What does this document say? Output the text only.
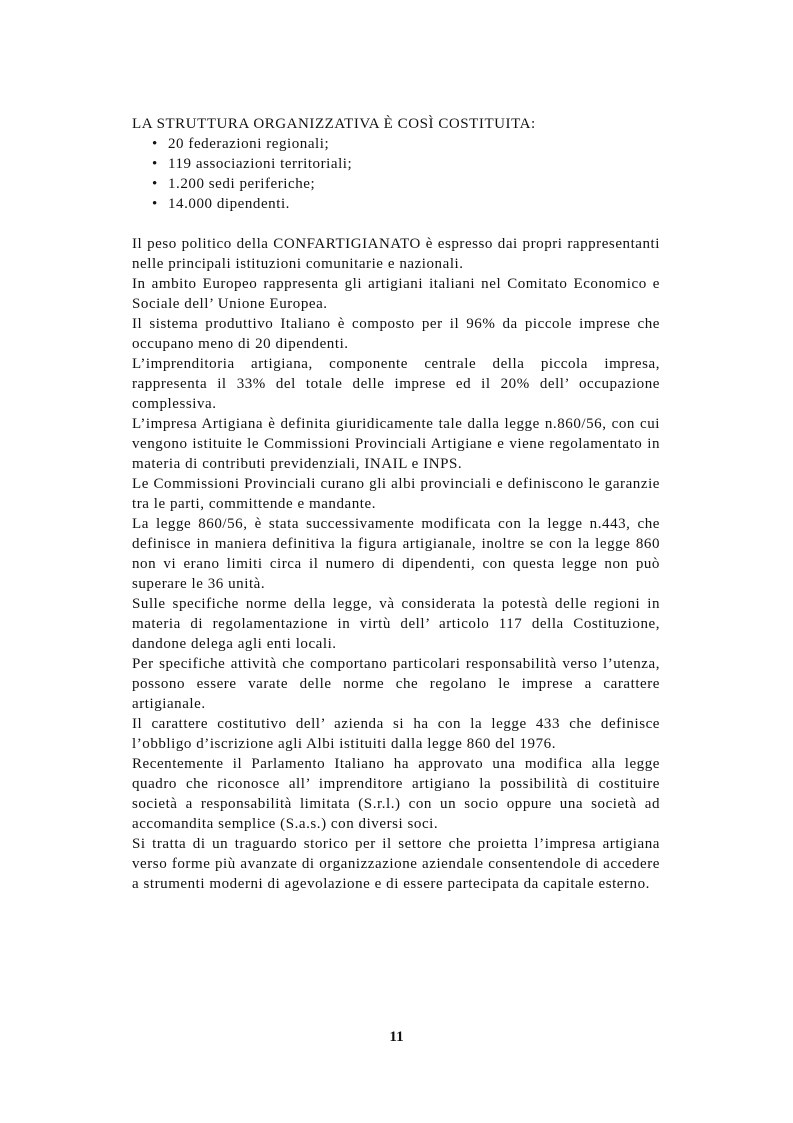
LA STRUTTURA ORGANIZZATIVA È COSÌ COSTITUITA:

• 20 federazioni regionali;
• 119 associazioni territoriali;
• 1.200 sedi periferiche;
• 14.000 dipendenti.

Il peso politico della CONFARTIGIANATO è espresso dai propri rappresentanti nelle principali istituzioni comunitarie e nazionali.

In ambito Europeo rappresenta gli artigiani italiani nel Comitato Economico e Sociale dell’ Unione Europea.

Il sistema produttivo Italiano è composto per il 96% da piccole imprese che occupano meno di 20 dipendenti.

L’imprenditoria artigiana, componente centrale della piccola impresa, rappresenta il 33% del totale delle imprese ed il 20% dell’ occupazione complessiva.

L’impresa Artigiana è definita giuridicamente tale dalla legge n.860/56, con cui vengono istituite le Commissioni Provinciali Artigiane e viene regolamentato in materia di contributi previdenziali, INAIL e INPS.

Le Commissioni Provinciali curano gli albi provinciali e definiscono le garanzie tra le parti, committende e mandante.

La legge 860/56, è stata successivamente modificata con la legge n.443, che definisce in maniera definitiva la figura artigianale, inoltre se con la legge 860 non vi erano limiti circa il numero di dipendenti, con questa legge non può superare le 36 unità.

Sulle specifiche norme della legge, và considerata la potestà delle regioni in materia di regolamentazione in virtù dell’ articolo 117 della Costituzione, dandone delega agli enti locali.

Per specifiche attività che comportano particolari responsabilità verso l’utenza, possono essere varate delle norme che regolano le imprese a carattere artigianale.

Il carattere costitutivo dell’ azienda si ha con la legge 433 che definisce l’obbligo d’iscrizione agli Albi istituiti dalla legge 860 del 1976.

Recentemente il Parlamento Italiano ha approvato una modifica alla legge quadro che riconosce all’ imprenditore artigiano la possibilità di costituire società a responsabilità limitata (S.r.l.) con un socio oppure una società ad accomandita semplice (S.a.s.) con diversi soci.

Si tratta di un traguardo storico per il settore che proietta l’impresa artigiana verso forme più avanzate di organizzazione aziendale consentendole di accedere a strumenti moderni di agevolazione e di essere partecipata da capitale esterno.

11
